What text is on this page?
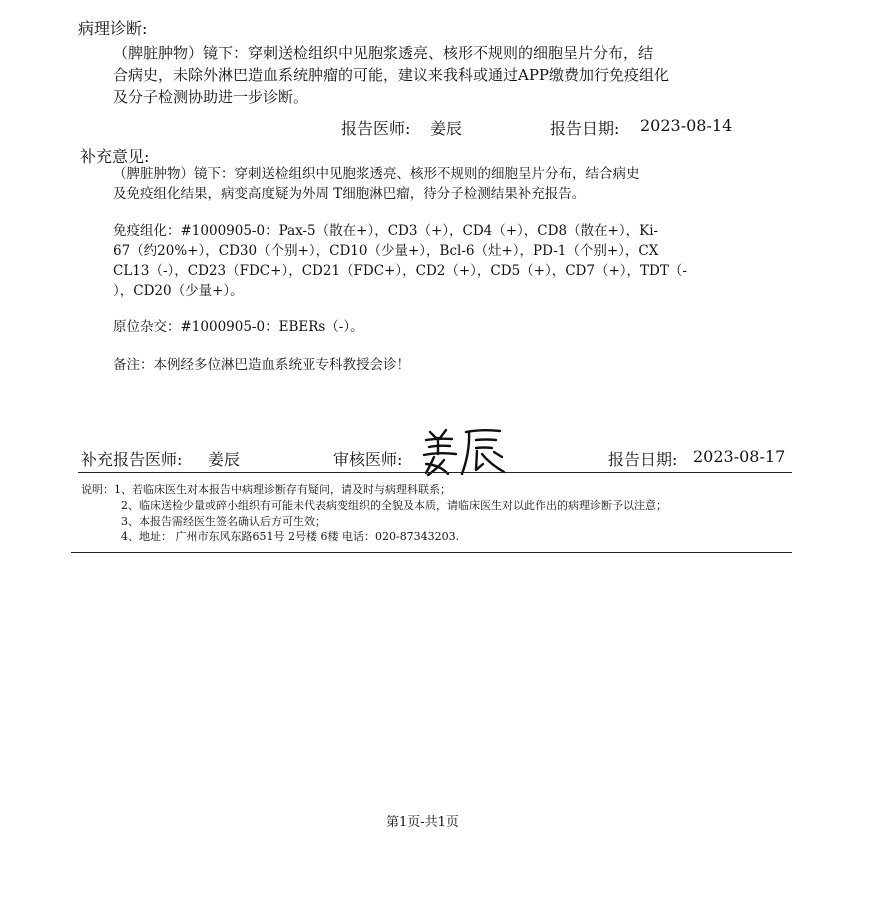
病理诊断:
（脾脏肿物）镜下：穿刺送检组织中见胞浆透亮、核形不规则的细胞呈片分布，结
合病史，未除外淋巴造血系统肿瘤的可能，建议来我科或通过APP缴费加行免疫组化
及分子检测协助进一步诊断。
报告医师: 姜辰	报告日期: 2023-08-14
补充意见:
（脾脏肿物）镜下：穿刺送检组织中见胞浆透亮、核形不规则的细胞呈片分布，结合病史
及免疫组化结果，病变高度疑为外周 T细胞淋巴瘤，待分子检测结果补充报告。
免疫组化：#1000905-0：Pax-5（散在+），CD3（+），CD4（+），CD8（散在+），Ki-
67（约20%+），CD30（个别+），CD10（少量+），Bcl-6（灶+），PD-1（个别+），CX
CL13（-），CD23（FDC+），CD21（FDC+），CD2（+），CD5（+），CD7（+），TDT（-
），CD20（少量+）。
原位杂交：#1000905-0：EBERs（-）。
备注：本例经多位淋巴造血系统亚专科教授会诊！
补充报告医师: 姜辰	审核医师:	报告日期: 2023-08-17
说明：1、若临床医生对本报告中病理诊断存有疑问，请及时与病理科联系；
2、临床送检少量或碎小组织有可能未代表病变组织的全貌及本质，请临床医生对以此作出的病理诊断予以注意；
3、本报告需经医生签名确认后方可生效；
4、地址： 广州市东风东路651号 2号楼 6楼 电话：020-87343203.
第1页-共1页
